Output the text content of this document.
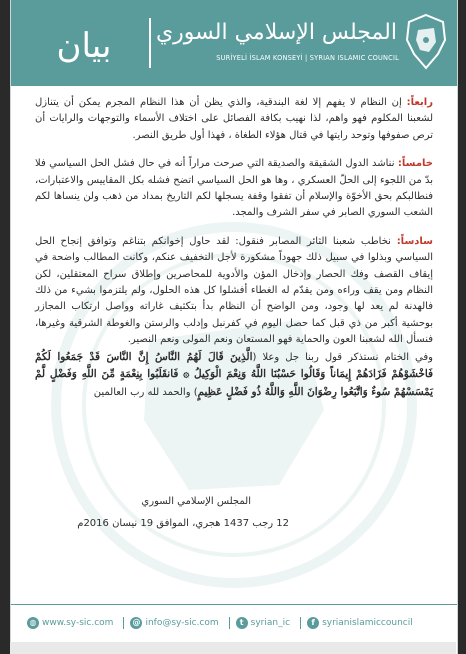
بيان	المجلس الإسلامي السوري
SURİYELİ İSLAM KONSEYİ | SYRIAN ISLAMIC COUNCIL

رابعاً: إن النظام لا يفهم إلا لغة البندقية، والذي يظن أن هذا النظام المجرم يمكن أن يتنازل لشعبنا المكلوم فهو واهم، لذا نهيب بكافة الفصائل على اختلاف الأسماء والتوجهات والرايات أن ترص صفوفها وتوحد رايتها في قتال هؤلاء الطغاة ، فهذا أول طريق النصر.

خامساً: نناشد الدول الشقيقة والصديقة التي صرحت مراراً أنه في حال فشل الحل السياسي فلا بدّ من اللجوء إلى الحلّ العسكري ، وها هو الحل السياسي اتضح فشله بكل المقاييس والاعتبارات، فنطالبكم بحق الأخوّة والإسلام أن تفقوا وقفة يسجلها لكم التاريخ بمداد من ذهب ولن ينساها لكم الشعب السوري الصابر في سفر الشرف والمجد.

سادساً: نخاطب شعبنا الثائر المصابر فنقول: لقد حاول إخوانكم بتناغم وتوافق إنجاح الحل السياسي وبذلوا في سبيل ذلك جهوداً مشكورة لأجل التخفيف عنكم، وكانت المطالب واضحة في إيقاف القصف وفك الحصار وإدخال المؤن والأدوية للمحاصرين وإطلاق سراح المعتقلين، لكن النظام ومن يقف وراءه ومن يقدّم له الغطاء أفشلوا كل هذه الحلول، ولم يلتزموا بشيء من ذلك فالهدنة لم يعد لها وجود، ومن الواضح أن النظام بدأ بتكثيف غاراته وواصل ارتكاب المجازر بوحشية أكبر من ذي قبل كما حصل اليوم في كفرنبل وإدلب والرستن والغوطة الشرقية وغيرها، فنسأل الله لشعبنا العون والحماية فهو المستعان ونعم المولى ونعم النصير.

وفي الختام نستذكر قول ربنا جل وعلا (الَّذِينَ قَالَ لَهُمُ النَّاسُ إِنَّ النَّاسَ قَدْ جَمَعُوا لَكُمْ فَاخْشَوْهُمْ فَزَادَهُمْ إِيمَاناً وَقَالُوا حَسْبُنَا اللَّهُ وَنِعْمَ الْوَكِيلُ ۞ فَانقَلَبُوا بِنِعْمَةٍ مِّنَ اللَّهِ وَفَضْلٍ لَّمْ يَمْسَسْهُمْ سُوءٌ وَاتَّبَعُوا رِضْوَانَ اللَّهِ وَاللَّهُ ذُو فَضْلٍ عَظِيمٍ) والحمد لله رب العالمين

المجلس الإسلامي السوري
12 رجب 1437 هجري، الموافق 19 نيسان 2016م
◍ www.sy-sic.com @ info@sy-sic.com	t syrian_ic	f syrianislamiccouncil
